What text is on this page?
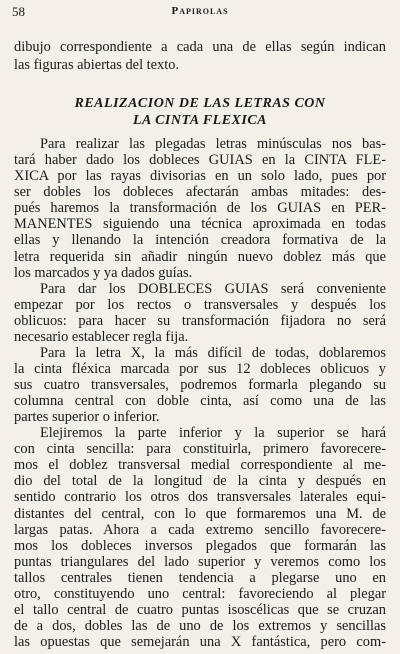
58	Papirolas
dibujo correspondiente a cada una de ellas según indican
las figuras abiertas del texto.
REALIZACION DE LAS LETRAS CON
LA CINTA FLEXICA
Para realizar las plegadas letras minúsculas nos bas-
tará haber dado los dobleces GUIAS en la CINTA FLE-
XICA por las rayas divisorias en un solo lado, pues por
ser dobles los dobleces afectarán ambas mitades: des-
pués haremos la transformación de los GUIAS en PER-
MANENTES siguiendo una técnica aproximada en todas
ellas y llenando la intención creadora formativa de la
letra requerida sin añadir ningún nuevo doblez más que
los marcados y ya dados guías.
Para dar los DOBLECES GUIAS será conveniente
empezar por los rectos o transversales y después los
oblicuos: para hacer su transformación fijadora no será
necesario establecer regla fija.
Para la letra X, la más difícil de todas, doblaremos
la cinta fléxica marcada por sus 12 dobleces oblicuos y
sus cuatro transversales, podremos formarla plegando su
columna central con doble cinta, así como una de las
partes superior o inferior.
Elejiremos la parte inferior y la superior se hará
con cinta sencilla: para constituirla, primero favorecere-
mos el doblez transversal medial correspondiente al me-
dio del total de la longitud de la cinta y después en
sentido contrario los otros dos transversales laterales equi-
distantes del central, con lo que formaremos una M. de
largas patas. Ahora a cada extremo sencillo favorecere-
mos los dobleces inversos plegados que formarán las
puntas triangulares del lado superior y veremos como los
tallos centrales tienen tendencia a plegarse uno en
otro, constituyendo uno central: favoreciendo al plegar
el tallo central de cuatro puntas isoscélicas que se cruzan
de a dos, dobles las de uno de los extremos y sencillas
las opuestas que semejarán una X fantástica, pero com-
